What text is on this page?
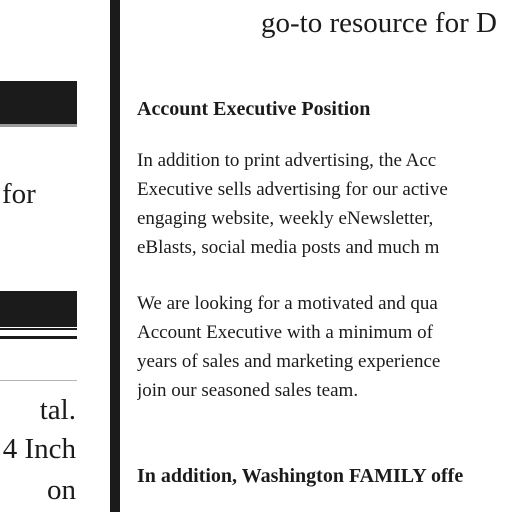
for
tal.
4 Inch
on
go-to resource for D
Account Executive Position

In addition to print advertising, the Acc
Executive sells advertising for our active
engaging website, weekly eNewsletter,
eBlasts, social media posts and much m

We are looking for a motivated and qua
Account Executive with a minimum of
years of sales and marketing experience
join our seasoned sales team.

In addition, Washington FAMILY offe
